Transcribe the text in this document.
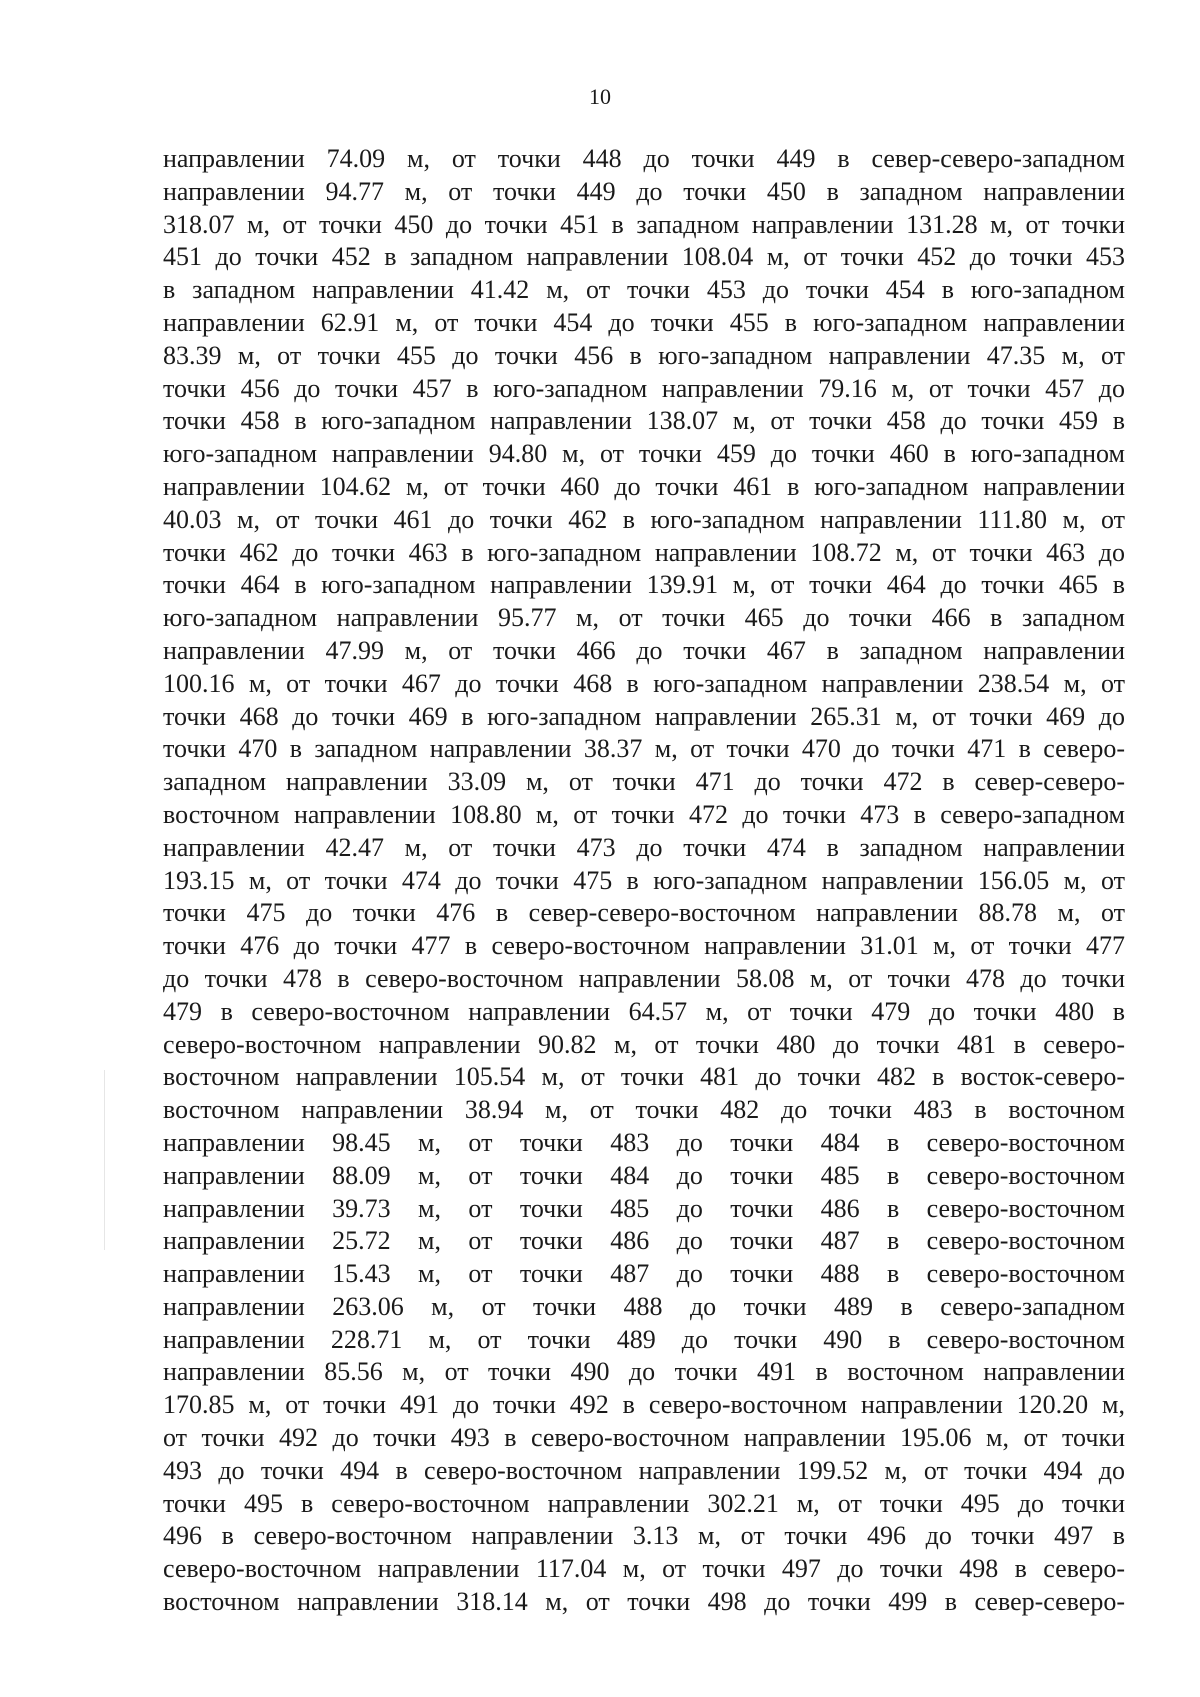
10
направлении 74.09 м, от точки 448 до точки 449 в север-северо-западном
направлении 94.77 м, от точки 449 до точки 450 в западном направлении
318.07 м, от точки 450 до точки 451 в западном направлении 131.28 м, от точки
451 до точки 452 в западном направлении 108.04 м, от точки 452 до точки 453
в западном направлении 41.42 м, от точки 453 до точки 454 в юго-западном
направлении 62.91 м, от точки 454 до точки 455 в юго-западном направлении
83.39 м, от точки 455 до точки 456 в юго-западном направлении 47.35 м, от
точки 456 до точки 457 в юго-западном направлении 79.16 м, от точки 457 до
точки 458 в юго-западном направлении 138.07 м, от точки 458 до точки 459 в
юго-западном направлении 94.80 м, от точки 459 до точки 460 в юго-западном
направлении 104.62 м, от точки 460 до точки 461 в юго-западном направлении
40.03 м, от точки 461 до точки 462 в юго-западном направлении 111.80 м, от
точки 462 до точки 463 в юго-западном направлении 108.72 м, от точки 463 до
точки 464 в юго-западном направлении 139.91 м, от точки 464 до точки 465 в
юго-западном направлении 95.77 м, от точки 465 до точки 466 в западном
направлении 47.99 м, от точки 466 до точки 467 в западном направлении
100.16 м, от точки 467 до точки 468 в юго-западном направлении 238.54 м, от
точки 468 до точки 469 в юго-западном направлении 265.31 м, от точки 469 до
точки 470 в западном направлении 38.37 м, от точки 470 до точки 471 в северо-
западном направлении 33.09 м, от точки 471 до точки 472 в север-северо-
восточном направлении 108.80 м, от точки 472 до точки 473 в северо-западном
направлении 42.47 м, от точки 473 до точки 474 в западном направлении
193.15 м, от точки 474 до точки 475 в юго-западном направлении 156.05 м, от
точки 475 до точки 476 в север-северо-восточном направлении 88.78 м, от
точки 476 до точки 477 в северо-восточном направлении 31.01 м, от точки 477
до точки 478 в северо-восточном направлении 58.08 м, от точки 478 до точки
479 в северо-восточном направлении 64.57 м, от точки 479 до точки 480 в
северо-восточном направлении 90.82 м, от точки 480 до точки 481 в северо-
восточном направлении 105.54 м, от точки 481 до точки 482 в восток-северо-
восточном направлении 38.94 м, от точки 482 до точки 483 в восточном
направлении 98.45 м, от точки 483 до точки 484 в северо-восточном
направлении 88.09 м, от точки 484 до точки 485 в северо-восточном
направлении 39.73 м, от точки 485 до точки 486 в северо-восточном
направлении 25.72 м, от точки 486 до точки 487 в северо-восточном
направлении 15.43 м, от точки 487 до точки 488 в северо-восточном
направлении 263.06 м, от точки 488 до точки 489 в северо-западном
направлении 228.71 м, от точки 489 до точки 490 в северо-восточном
направлении 85.56 м, от точки 490 до точки 491 в восточном направлении
170.85 м, от точки 491 до точки 492 в северо-восточном направлении 120.20 м,
от точки 492 до точки 493 в северо-восточном направлении 195.06 м, от точки
493 до точки 494 в северо-восточном направлении 199.52 м, от точки 494 до
точки 495 в северо-восточном направлении 302.21 м, от точки 495 до точки
496 в северо-восточном направлении 3.13 м, от точки 496 до точки 497 в
северо-восточном направлении 117.04 м, от точки 497 до точки 498 в северо-
восточном направлении 318.14 м, от точки 498 до точки 499 в север-северо-
